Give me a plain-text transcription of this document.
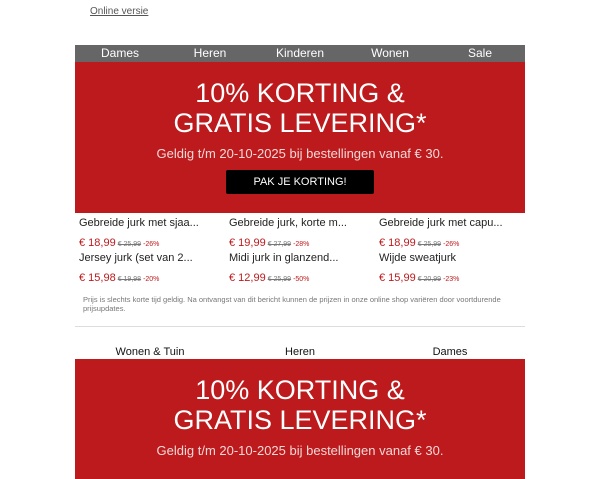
Online versie
Dames	Heren	Kinderen	Wonen	Sale
10% KORTING &
GRATIS LEVERING*
Geldig t/m 20-10-2025 bij bestellingen vanaf € 30.
PAK JE KORTING!
Gebreide jurk met sjaa...
€ 18,99 € 25,99 -26%
Gebreide jurk, korte m...
€ 19,99 € 27,99 -28%
Gebreide jurk met capu...
€ 18,99 € 25,99 -26%
Jersey jurk (set van 2...
€ 15,98 € 19,98 -20%
Midi jurk in glanzend...
€ 12,99 € 25,99 -50%
Wijde sweatjurk
€ 15,99 € 20,99 -23%
Prijs is slechts korte tijd geldig. Na ontvangst van dit bericht kunnen de prijzen in onze online shop variëren door voortdurende prijsupdates.
Wonen & Tuin	Heren	Dames
10% KORTING &
GRATIS LEVERING*
Geldig t/m 20-10-2025 bij bestellingen vanaf € 30.
